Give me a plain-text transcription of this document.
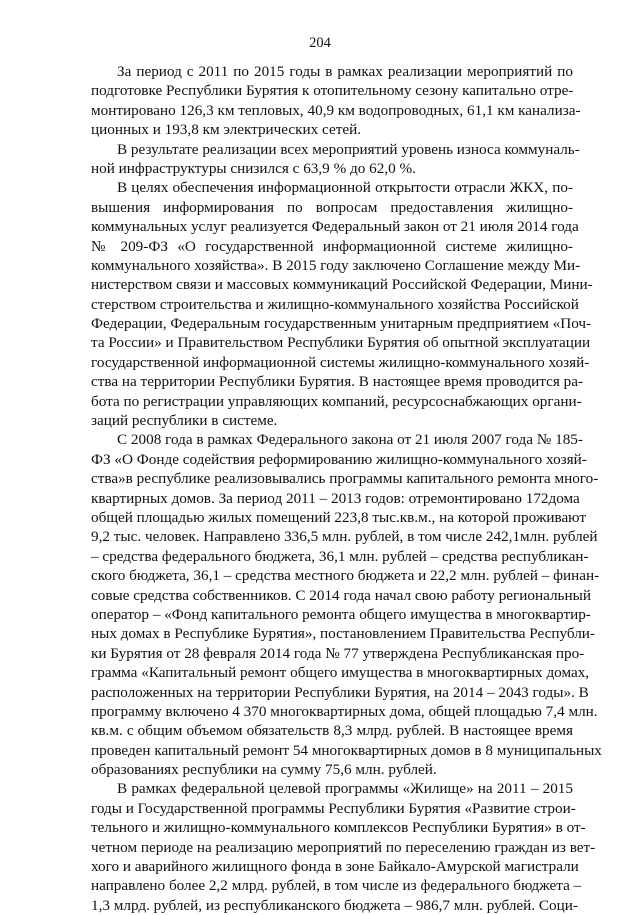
204
За период с 2011 по 2015 годы в рамках реализации мероприятий по
подготовке Республики Бурятия к отопительному сезону капитально отре-
монтировано 126,3 км тепловых, 40,9 км водопроводных, 61,1 км канализа-
ционных и 193,8 км электрических сетей.
В результате реализации всех мероприятий уровень износа коммуналь-
ной инфраструктуры снизился с 63,9 % до 62,0 %.
В целях обеспечения информационной открытости отрасли ЖКХ, по-
вышения информирования по вопросам предоставления жилищно-
коммунальных услуг реализуется Федеральный закон от 21 июля 2014 года
№ 209-ФЗ «О государственной информационной системе жилищно-
коммунального хозяйства». В 2015 году заключено Соглашение между Ми-
нистерством связи и массовых коммуникаций Российской Федерации, Мини-
стерством строительства и жилищно-коммунального хозяйства Российской
Федерации, Федеральным государственным унитарным предприятием «Поч-
та России» и Правительством Республики Бурятия об опытной эксплуатации
государственной информационной системы жилищно-коммунального хозяй-
ства на территории Республики Бурятия. В настоящее время проводится ра-
бота по регистрации управляющих компаний, ресурсоснабжающих органи-
заций республики в системе.
С 2008 года в рамках Федерального закона от 21 июля 2007 года № 185-
ФЗ «О Фонде содействия реформированию жилищно-коммунального хозяй-
ства»в республике реализовывались программы капитального ремонта много-
квартирных домов. За период 2011 – 2013 годов: отремонтировано 172дома
общей площадью жилых помещений 223,8 тыс.кв.м., на которой проживают
9,2 тыс. человек. Направлено 336,5 млн. рублей, в том числе 242,1млн. рублей
– средства федерального бюджета, 36,1 млн. рублей – средства республикан-
ского бюджета, 36,1 – средства местного бюджета и 22,2 млн. рублей – финан-
совые средства собственников. С 2014 года начал свою работу региональный
оператор – «Фонд капитального ремонта общего имущества в многоквартир-
ных домах в Республике Бурятия», постановлением Правительства Республи-
ки Бурятия от 28 февраля 2014 года № 77 утверждена Республиканская про-
грамма «Капитальный ремонт общего имущества в многоквартирных домах,
расположенных на территории Республики Бурятия, на 2014 – 2043 годы». В
программу включено 4 370 многоквартирных дома, общей площадью 7,4 млн.
кв.м. с общим объемом обязательств 8,3 млрд. рублей. В настоящее время
проведен капитальный ремонт 54 многоквартирных домов в 8 муниципальных
образованиях республики на сумму 75,6 млн. рублей.
В рамках федеральной целевой программы «Жилище» на 2011 – 2015
годы и Государственной программы Республики Бурятия «Развитие строи-
тельного и жилищно-коммунального комплексов Республики Бурятия» в от-
четном периоде на реализацию мероприятий по переселению граждан из вет-
хого и аварийного жилищного фонда в зоне Байкало-Амурской магистрали
направлено более 2,2 млрд. рублей, в том числе из федерального бюджета –
1,3 млрд. рублей, из республиканского бюджета – 986,7 млн. рублей. Соци-
